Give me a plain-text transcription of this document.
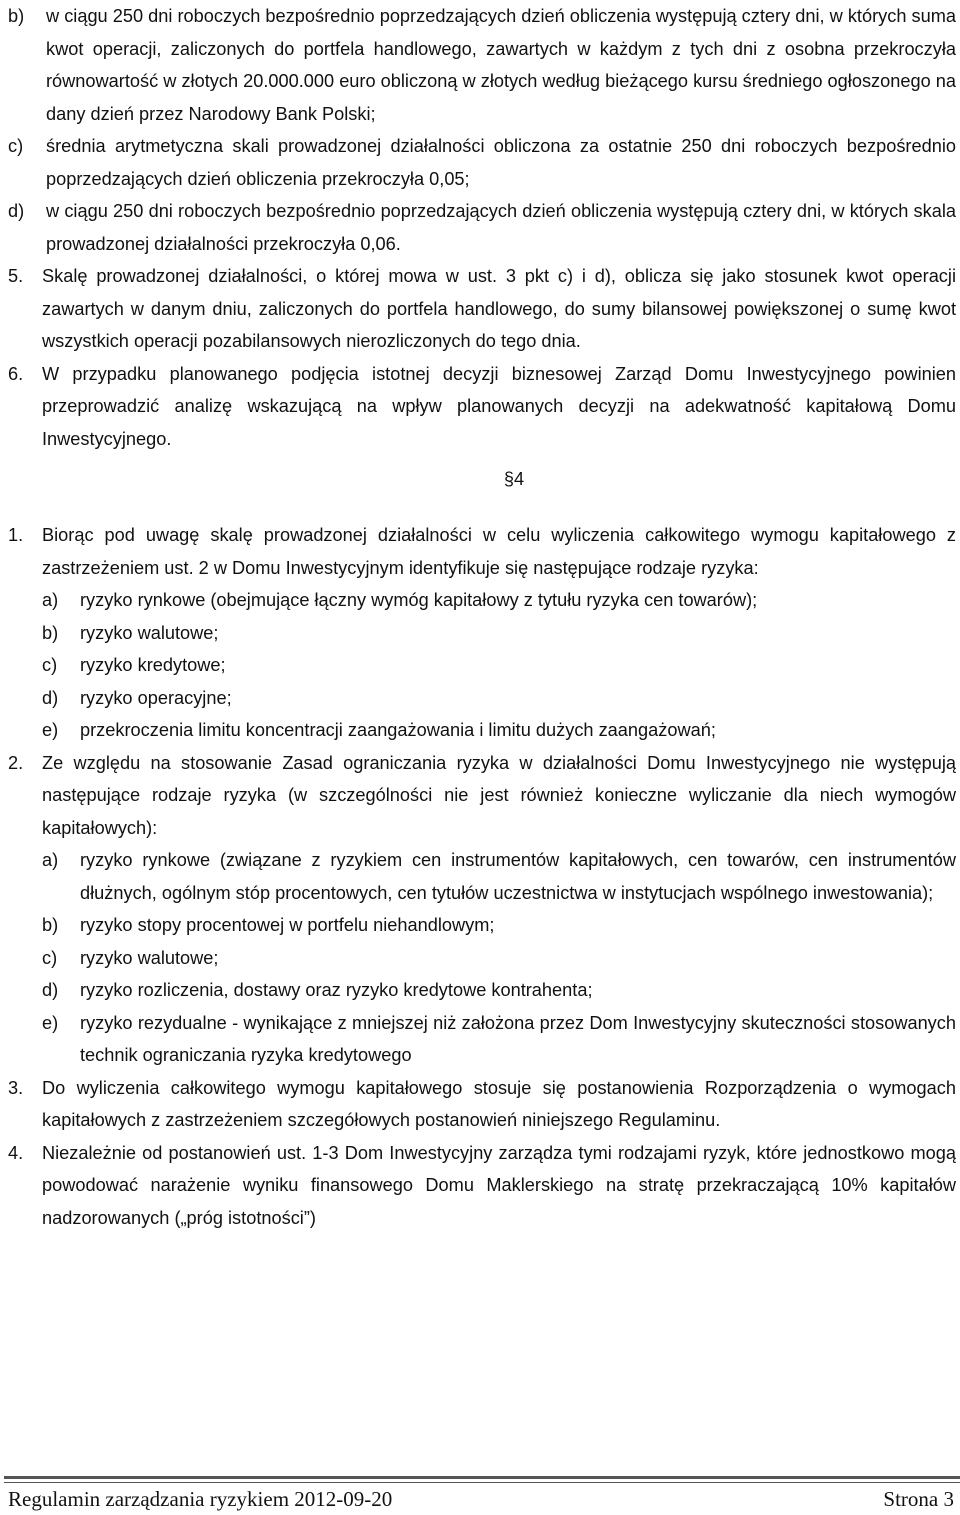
b)	w ciągu 250 dni roboczych bezpośrednio poprzedzających dzień obliczenia występują cztery dni, w których suma kwot operacji, zaliczonych do portfela handlowego, zawartych w każdym z tych dni z osobna przekroczyła równowartość w złotych 20.000.000 euro obliczoną w złotych według bieżącego kursu średniego ogłoszonego na dany dzień przez Narodowy Bank Polski;
c)	średnia arytmetyczna skali prowadzonej działalności obliczona za ostatnie 250 dni roboczych bezpośrednio poprzedzających dzień obliczenia przekroczyła 0,05;
d)	w ciągu 250 dni roboczych bezpośrednio poprzedzających dzień obliczenia występują cztery dni, w których skala prowadzonej działalności przekroczyła 0,06.
5.	Skalę prowadzonej działalności, o której mowa w ust. 3 pkt c) i d), oblicza się jako stosunek kwot operacji zawartych w danym dniu, zaliczonych do portfela handlowego, do sumy bilansowej powiększonej o sumę kwot wszystkich operacji pozabilansowych nierozliczonych do tego dnia.
6.	W przypadku planowanego podjęcia istotnej decyzji biznesowej Zarząd Domu Inwestycyjnego powinien przeprowadzić analizę wskazującą na wpływ planowanych decyzji na adekwatność kapitałową Domu Inwestycyjnego.
§4
1.	Biorąc pod uwagę skalę prowadzonej działalności w celu wyliczenia całkowitego wymogu kapitałowego z zastrzeżeniem ust. 2 w Domu Inwestycyjnym identyfikuje się następujące rodzaje ryzyka:
a)	ryzyko rynkowe (obejmujące łączny wymóg kapitałowy z tytułu ryzyka cen towarów);
b)	ryzyko walutowe;
c)	ryzyko kredytowe;
d)	ryzyko operacyjne;
e)	przekroczenia limitu koncentracji zaangażowania i limitu dużych zaangażowań;
2.	Ze względu na stosowanie Zasad ograniczania ryzyka w działalności Domu Inwestycyjnego nie występują następujące rodzaje ryzyka (w szczególności nie jest również konieczne wyliczanie dla niech wymogów kapitałowych):
a)	ryzyko rynkowe (związane z ryzykiem cen instrumentów kapitałowych, cen towarów, cen instrumentów dłużnych, ogólnym stóp procentowych, cen tytułów uczestnictwa w instytucjach wspólnego inwestowania);
b)	ryzyko stopy procentowej w portfelu niehandlowym;
c)	ryzyko walutowe;
d)	ryzyko rozliczenia, dostawy oraz ryzyko kredytowe kontrahenta;
e)	ryzyko rezydualne - wynikające z mniejszej niż założona przez Dom Inwestycyjny skuteczności stosowanych technik ograniczania ryzyka kredytowego
3.	Do wyliczenia całkowitego wymogu kapitałowego stosuje się postanowienia Rozporządzenia o wymogach kapitałowych z zastrzeżeniem szczegółowych postanowień niniejszego Regulaminu.
4.	Niezależnie od postanowień ust. 1-3 Dom Inwestycyjny zarządza tymi rodzajami ryzyk, które jednostkowo mogą powodować narażenie wyniku finansowego Domu Maklerskiego na stratę przekraczającą 10% kapitałów nadzorowanych („próg istotności”)
Regulamin zarządzania ryzykiem 2012-09-20	Strona 3
